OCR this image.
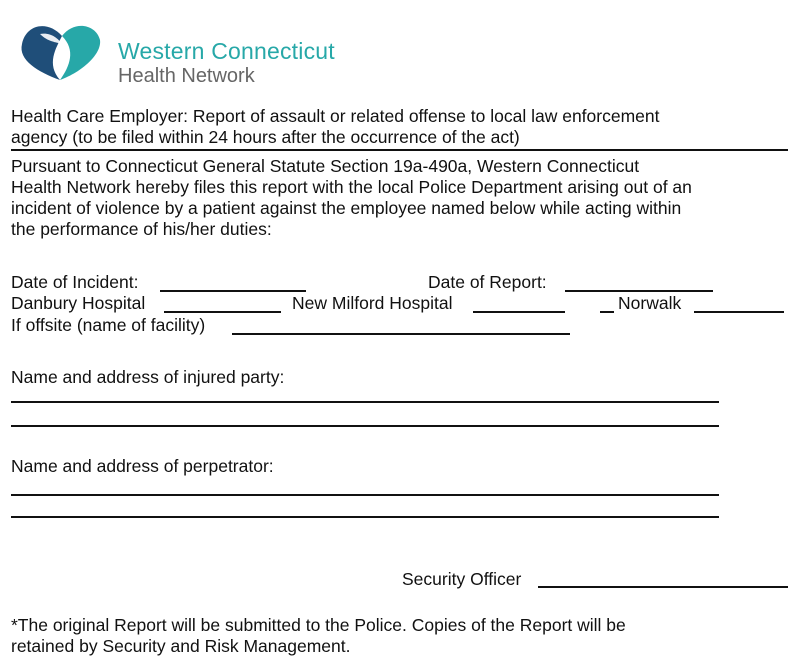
Western Connecticut
Health Network
Health Care Employer: Report of assault or related offense to local law enforcement
agency (to be filed within 24 hours after the occurrence of the act)
Pursuant to Connecticut General Statute Section 19a-490a, Western Connecticut
Health Network hereby files this report with the local Police Department arising out of an
incident of violence by a patient against the employee named below while acting within
the performance of his/her duties:
Date of Incident:	Date of Report:
Danbury Hospital	New Milford Hospital	Norwalk
If offsite (name of facility)
Name and address of injured party:
Name and address of perpetrator:
Security Officer
*The original Report will be submitted to the Police. Copies of the Report will be
retained by Security and Risk Management.
